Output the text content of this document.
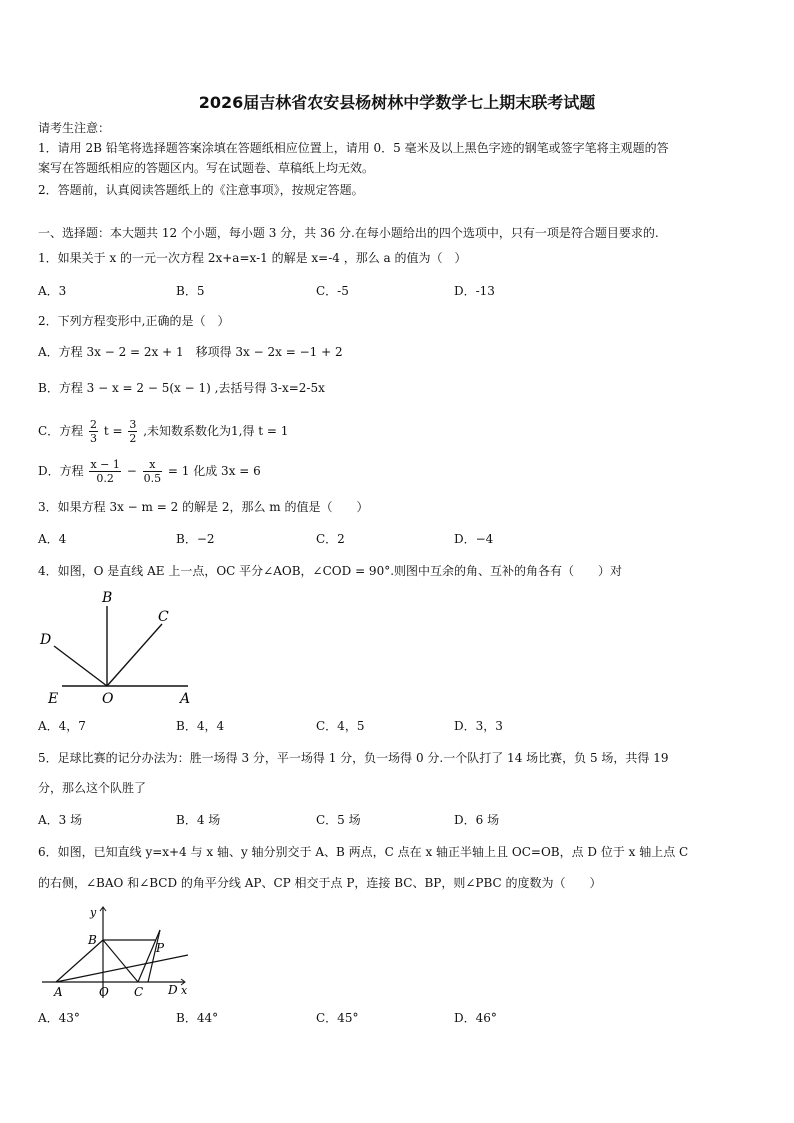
2026届吉林省农安县杨树林中学数学七上期末联考试题
请考生注意：
1．请用 2B 铅笔将选择题答案涂填在答题纸相应位置上，请用 0．5 毫米及以上黑色字迹的钢笔或签字笔将主观题的答
案写在答题纸相应的答题区内。写在试题卷、草稿纸上均无效。
2．答题前，认真阅读答题纸上的《注意事项》，按规定答题。
一、选择题：本大题共 12 个小题，每小题 3 分，共 36 分.在每小题给出的四个选项中，只有一项是符合题目要求的.
1．如果关于 x 的一元一次方程 2x+a=x-1 的解是 x=-4 ，那么 a 的值为（　）
A．3	B．5	C．-5	D．-13
2．下列方程变形中,正确的是（　）
A．方程 3x − 2 = 2x + 1　移项得 3x − 2x = −1 + 2
B．方程 3 − x = 2 − 5(x − 1) ,去括号得 3-x=2-5x
C．方程 $\frac{2}{3}$ $t = \frac{3}{2}$ ,未知数系数化为1,得 t = 1
D．方程 $\frac{x - 1}{0.2} - \frac{x}{0.5} = 1$ 化成 3x = 6
3．如果方程 3x − m = 2 的解是 2，那么 m 的值是（　　）
A．4	B．−2	C．2	D．−4
4．如图，O 是直线 AE 上一点，OC 平分∠AOB，∠COD = 90°.则图中互余的角、互补的角各有（　　）对
B
C
D
E	O	A
A．4，7	B．4，4	C．4，5	D．3，3
5．足球比赛的记分办法为：胜一场得 3 分，平一场得 1 分，负一场得 0 分.一个队打了 14 场比赛，负 5 场，共得 19
分，那么这个队胜了
A．3 场	B．4 场	C．5 场	D．6 场
6．如图，已知直线 y=x+4 与 x 轴、y 轴分别交于 A、B 两点，C 点在 x 轴正半轴上且 OC=OB，点 D 位于 x 轴上点 C
的右侧，∠BAO 和∠BCD 的角平分线 AP、CP 相交于点 P，连接 BC、BP，则∠PBC 的度数为（　　）
y
B
P
A	O C D x
A．43°	B．44°	C．45°	D．46°
